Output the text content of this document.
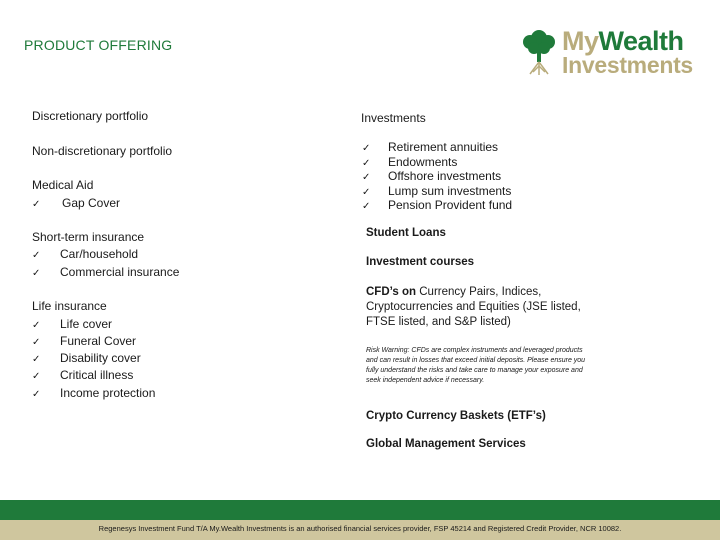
PRODUCT OFFERING	MyWealth
Investments
Discretionary portfolio
Non-discretionary portfolio
Medical Aid
✓ Gap Cover
Short-term insurance
✓ Car/household
✓ Commercial insurance
Life insurance
✓ Life cover
✓ Funeral Cover
✓ Disability cover
✓ Critical illness
✓ Income protection
Investments
✓ Retirement annuities
✓ Endowments
✓ Offshore investments
✓ Lump sum investments
✓ Pension Provident fund
Student Loans
Investment courses
CFD’s on Currency Pairs, Indices, Cryptocurrencies and Equities (JSE listed, FTSE listed, and S&P listed)
Risk Warning: CFDs are complex instruments and leveraged products and can result in losses that exceed initial deposits. Please ensure you fully understand the risks and take care to manage your exposure and seek independent advice if necessary.
Crypto Currency Baskets (ETF’s)
Global Management Services
Regenesys Investment Fund T/A My.Wealth Investments is an authorised financial services provider, FSP 45214 and Registered Credit Provider, NCR 10082.
